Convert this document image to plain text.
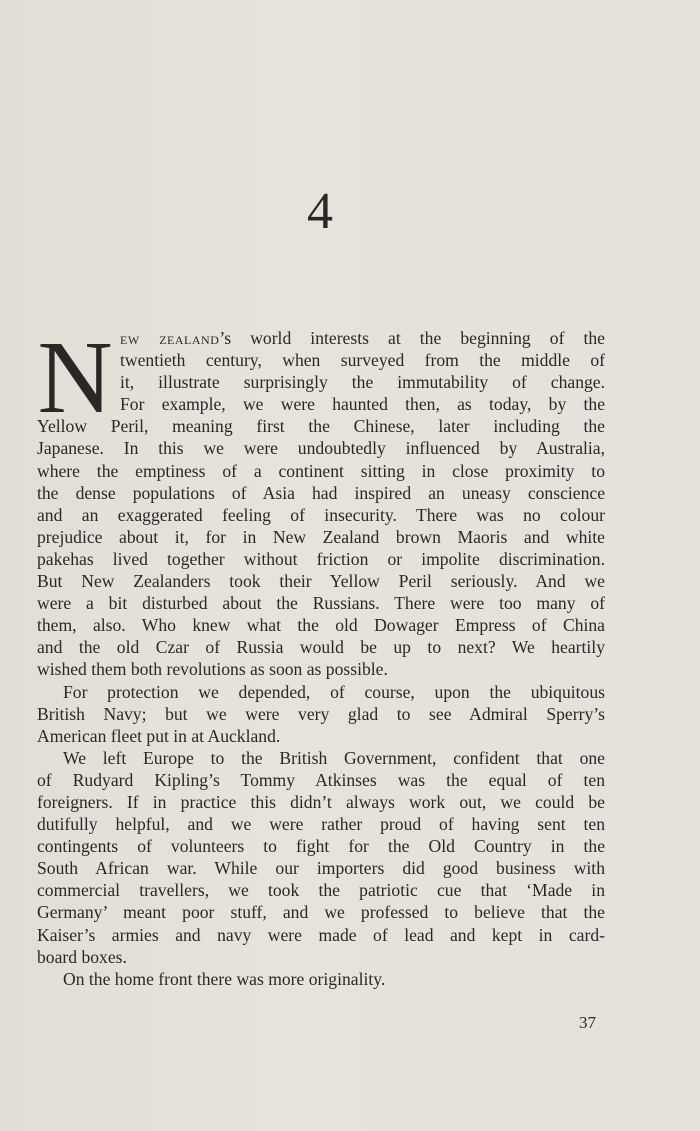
4
N ew zealand’s world interests at the beginning of the
twentieth century, when surveyed from the middle of
it, illustrate surprisingly the immutability of change.
For example, we were haunted then, as today, by the
Yellow Peril, meaning first the Chinese, later including the
Japanese. In this we were undoubtedly influenced by Australia,
where the emptiness of a continent sitting in close proximity to
the dense populations of Asia had inspired an uneasy conscience
and an exaggerated feeling of insecurity. There was no colour
prejudice about it, for in New Zealand brown Maoris and white
pakehas lived together without friction or impolite discrimination.
But New Zealanders took their Yellow Peril seriously. And we
were a bit disturbed about the Russians. There were too many of
them, also. Who knew what the old Dowager Empress of China
and the old Czar of Russia would be up to next? We heartily
wished them both revolutions as soon as possible.
For protection we depended, of course, upon the ubiquitous
British Navy; but we were very glad to see Admiral Sperry’s
American fleet put in at Auckland.
We left Europe to the British Government, confident that one
of Rudyard Kipling’s Tommy Atkinses was the equal of ten
foreigners. If in practice this didn’t always work out, we could be
dutifully helpful, and we were rather proud of having sent ten
contingents of volunteers to fight for the Old Country in the
South African war. While our importers did good business with
commercial travellers, we took the patriotic cue that ‘Made in
Germany’ meant poor stuff, and we professed to believe that the
Kaiser’s armies and navy were made of lead and kept in card-
board boxes.
On the home front there was more originality.
37
